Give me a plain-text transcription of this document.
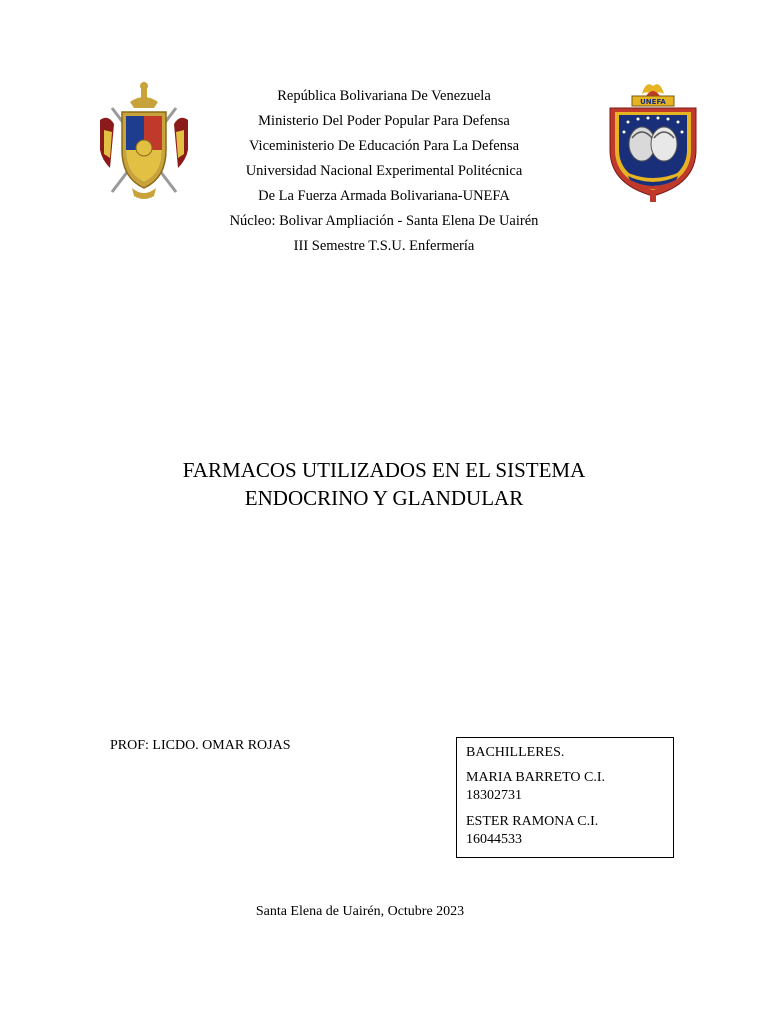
República Bolivariana De Venezuela
Ministerio Del Poder Popular Para Defensa
Viceministerio De Educación Para La Defensa
Universidad Nacional Experimental Politécnica
De La Fuerza Armada Bolivariana-UNEFA
Núcleo: Bolivar Ampliación - Santa Elena De Uairén
III Semestre T.S.U. Enfermería
UNEFA
FARMACOS UTILIZADOS EN EL SISTEMA
ENDOCRINO Y GLANDULAR
PROF: LICDO. OMAR ROJAS	BACHILLERES.
MARIA BARRETO C.I.
18302731
ESTER RAMONA C.I.
16044533
Santa Elena de Uairén, Octubre 2023
